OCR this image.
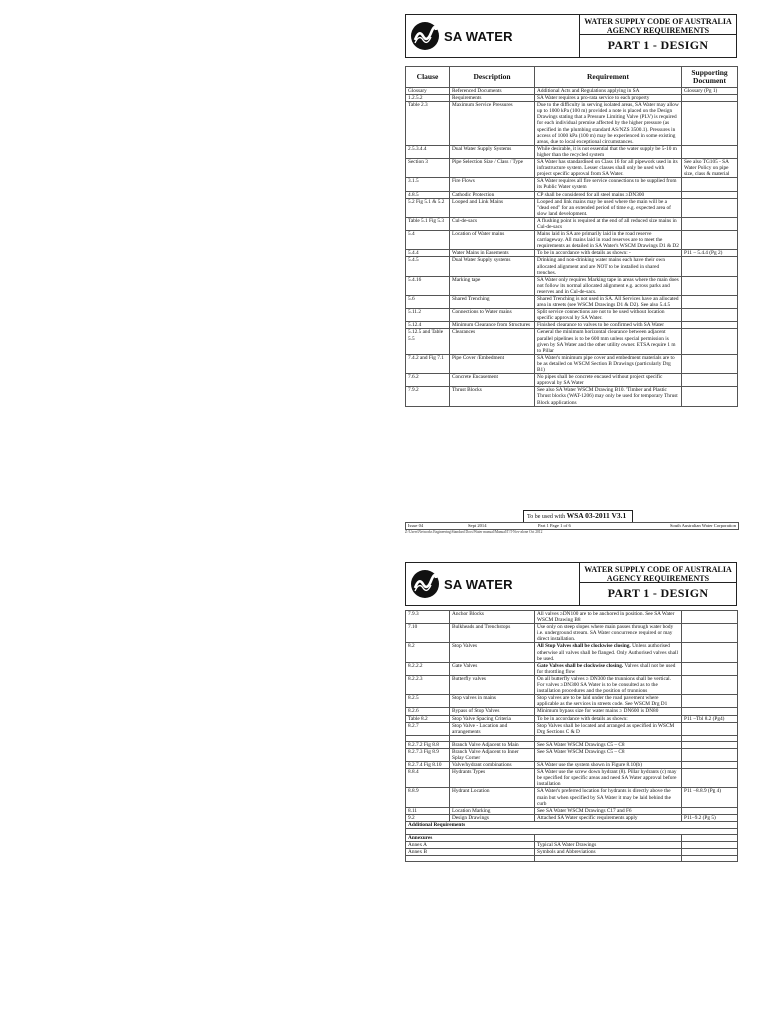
SA WATER
WATER SUPPLY CODE OF AUSTRALIA
AGENCY REQUIREMENTS
PART 1 - DESIGN
Clause	Description	Requirement	Supporting Document
Glossary	Referenced Documents	Additional Acts and Regulations applying in SA	Glossary (Pg 1)
1.2.5.2	Requirements	SA Water requires a pro-rata service to each property	
Table 2.3	Maximum Service Pressures	Due to the difficulty in serving isolated areas, SA Water may allow up to 1000 kPa (100 m) provided a note is placed on the Design Drawings stating that a Pressure Limiting Valve (PLV) is required for each individual premise affected by the higher pressure (as specified in the plumbing standard AS/NZS 3500.1). Pressures in access of 1000 kPa (100 m) may be experienced in some existing areas, due to local exceptional circumstances.	
2.5.3.4.4	Dual Water Supply Systems	While desirable, it is not essential that the water supply be 5-10 m higher than the recycled system	
Section 3	Pipe Selection Size / Class / Type	SA Water has standardised on Class 16 for all pipework used in its infrastructure system. Lesser classes shall only be used with project specific approval from SA Water.	See also TG105 - SA Water Policy on pipe size, class & material
3.1.5	Fire Flows	SA Water requires all fire service connections to be supplied from its Public Water system	
4.8.5	Cathodic Protection	CP shall be considered for all steel mains ≥DN300	
5.2 Fig 5.1 & 5.2	Looped and Link Mains	Looped and link mains may be used where the main will be a "dead end" for an extended period of time e.g. expected area of slow land development.	
Table 5.1 Fig 5.3	Cul-de-sacs	A flushing point is required at the end of all reduced size mains in Cul-de-sacs	
5.4	Location of Water mains	Mains laid in SA are primarily laid in the road reserve carriageway. All mains laid in road reserves are to meet the requirements as detailed in SA Water's WSCM Drawings D1 & D2	
5.4.4	Water Mains in Easements	To be in accordance with details as shown: -	P11 – 5.4.4 (Pg 2)
5.4.5	Dual Water Supply systems	Drinking and non-drinking water mains each have their own allocated alignment and are NOT to be installed in shared trenches.	
5.4.16	Marking tape	SA Water only requires Marking tape in areas where the main does not follow its normal allocated alignment e.g. across parks and reserves and in Cul-de-sacs.	
5.6	Shared Trenching	Shared Trenching is not used in SA. All Services have an allocated area in streets (see WSCM Drawings D1 & D2). See also 5.4.5	
5.11.2	Connections to Water mains	Split service connections are not to be used without location specific approval by SA Water.	
5.12.4	Minimum Clearance from Structures	Finished clearance to valves to be confirmed with SA Water	
5.12.5 and Table 5.5	Clearances	General the minimum horizontal clearance between adjacent parallel pipelines is to be 600 mm unless special permission is given by SA Water and the other utility owner. ETSA require 1 m to Pillar	
7.4.2 and Fig 7.1	Pipe Cover /Embedment	SA Water's minimum pipe cover and embedment materials are to be as detailed on WSCM Section B Drawings (particularly Drg B1)	
7.6.2	Concrete Encasement	No pipes shall be concrete encased without project specific approval by SA Water	
7.9.2	Thrust Blocks	See also SA Water WSCM Drawing B10. 'Timber and Plastic Thrust blocks (WAT-1206) may only be used for temporary Thrust Block applications	
To be used with WSA 03-2011 V3.1
Issue 04	Sept 2014	Part 1 Page 1 of 6	South Australian Water Corporation
Z:\Users\Networks Engineering\Standard Docs\Water manual\Manual\T\T-Nov-alone Oct 2012
SA WATER
WATER SUPPLY CODE OF AUSTRALIA
AGENCY REQUIREMENTS
PART 1 - DESIGN
7.9.3	Anchor Blocks	All valves ≥DN100 are to be anchored in position. See SA Water WSCM Drawing B8	
7.10	Bulkheads and Trenchstops	Use only on steep slopes where main passes through water body i.e. underground stream. SA Water concurrence required or may direct installation.	
8.2	Stop Valves	All Stop Valves shall be clockwise closing. Unless authorised otherwise all valves shall be flanged. Only Authorised valves shall be used.	
8.2.2.2	Gate Valves	Gate Valves shall be clockwise closing. Valves shall not be used for throttling flow	
8.2.2.3	Butterfly valves	On all butterfly valves ≥ DN300 the trunnions shall be vertical. For valves ≥DN300 SA Water is to be consulted as to the installation procedures and the position of trunnions	
8.2.5	Stop valves in mains	Stop valves are to be laid under the road pavement where applicable as the services in streets code. See WSCM Drg D1	
8.2.6	Bypass of Stop Valves	Minimum bypass size for water mains ≥ DN600 is DN80	
Table 8.2	Stop Valve Spacing Criteria	To be in accordance with details as shown:	P11 –Tbl 8.2 (Pg4)
8.2.7	Stop Valve - Location and arrangements	Stop Valves shall be located and arranged as specified in WSCM Drg Sections C & D	

8.2.7.2 Fig 8.8	Branch Valve Adjacent to Main	See SA Water WSCM Drawings C5 – C8	
8.2.7.3 Fig 8.9	Branch Valve Adjacent to Inner Splay Corner	See SA Water WSCM Drawings C5 – C8	
8.2.7.4 Fig 8.10	Valve/hydrant combinations	SA Water use the system shown in Figure 8.10(b)	
8.8.4	Hydrants Types	SA Water use the screw down hydrant (8). Pillar hydrants (c) may be specified for specific areas and need SA Water approval before installation	
8.8.9	Hydrant Location	SA Water's preferred location for hydrants is directly above the main but when specified by SA Water it may be laid behind the curb	P11 –8.8.9 (Pg 4)
8.11	Location Marking	See SA Water WSCM Drawings C17 and F6	
9.2	Design Drawings	Attached SA Water specific requirements apply	P11–9.2 (Pg 5)
Additional Requirements			

Annexures			
Annex A		Typical SA Water Drawings	
Annex B		Symbols and Abbreviations	
